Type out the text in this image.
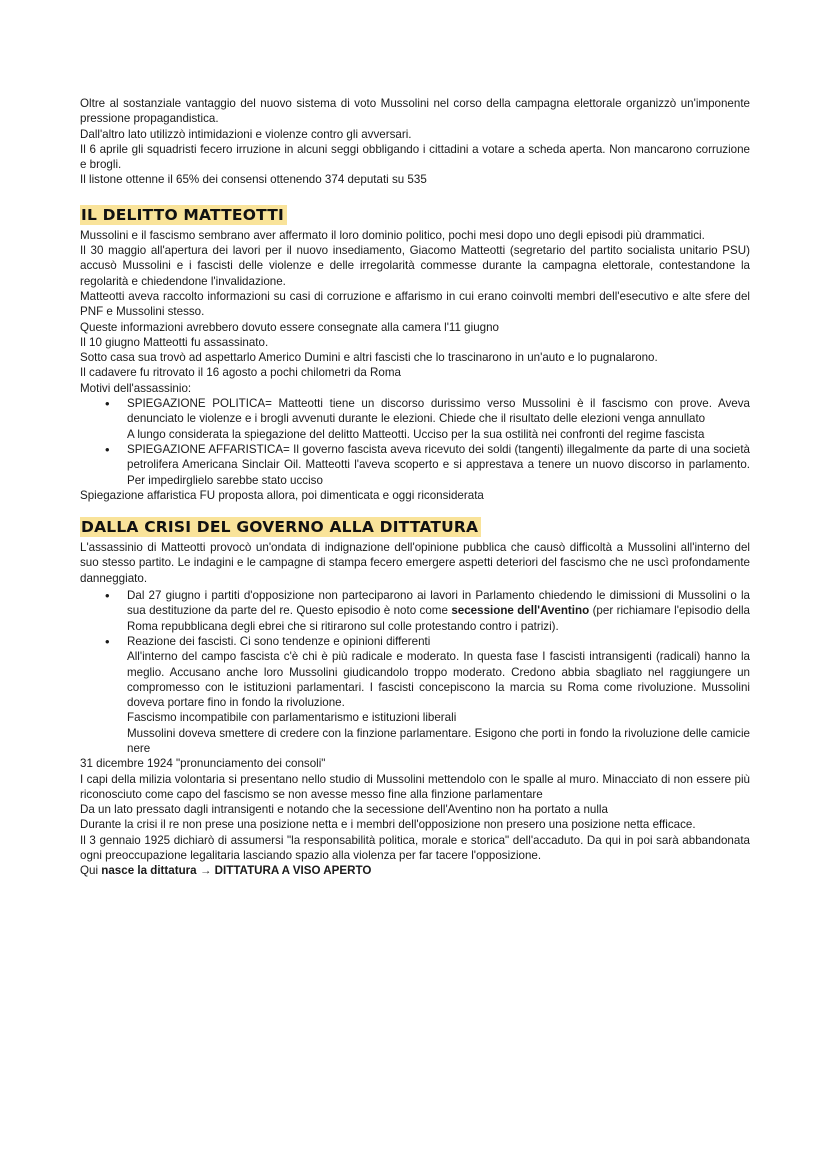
Oltre al sostanziale vantaggio del nuovo sistema di voto Mussolini nel corso della campagna elettorale organizzò un'imponente pressione propagandistica.

Dall'altro lato utilizzò intimidazioni e violenze contro gli avversari.

Il 6 aprile gli squadristi fecero irruzione in alcuni seggi obbligando i cittadini a votare a scheda aperta. Non mancarono corruzione e brogli.

Il listone ottenne il 65% dei consensi ottenendo 374 deputati su 535

IL DELITTO MATTEOTTI

Mussolini e il fascismo sembrano aver affermato il loro dominio politico, pochi mesi dopo uno degli episodi più drammatici.

Il 30 maggio all'apertura dei lavori per il nuovo insediamento, Giacomo Matteotti (segretario del partito socialista unitario PSU) accusò Mussolini e i fascisti delle violenze e delle irregolarità commesse durante la campagna elettorale, contestandone la regolarità e chiedendone l'invalidazione.

Matteotti aveva raccolto informazioni su casi di corruzione e affarismo in cui erano coinvolti membri dell'esecutivo e alte sfere del PNF e Mussolini stesso.

Queste informazioni avrebbero dovuto essere consegnate alla camera l'11 giugno

Il 10 giugno Matteotti fu assassinato.

Sotto casa sua trovò ad aspettarlo Americo Dumini e altri fascisti che lo trascinarono in un'auto e lo pugnalarono.

Il cadavere fu ritrovato il 16 agosto a pochi chilometri da Roma

Motivi dell'assassinio:

• SPIEGAZIONE POLITICA= Matteotti tiene un discorso durissimo verso Mussolini è il fascismo con prove. Aveva denunciato le violenze e i brogli avvenuti durante le elezioni. Chiede che il risultato delle elezioni venga annullato
A lungo considerata la spiegazione del delitto Matteotti. Ucciso per la sua ostilità nei confronti del regime fascista
• SPIEGAZIONE AFFARISTICA= Il governo fascista aveva ricevuto dei soldi (tangenti) illegalmente da parte di una società petrolifera Americana Sinclair Oil. Matteotti l'aveva scoperto e si apprestava a tenere un nuovo discorso in parlamento. Per impedirglielo sarebbe stato ucciso

Spiegazione affaristica FU proposta allora, poi dimenticata e oggi riconsiderata

DALLA CRISI DEL GOVERNO ALLA DITTATURA

L'assassinio di Matteotti provocò un'ondata di indignazione dell'opinione pubblica che causò difficoltà a Mussolini all'interno del suo stesso partito. Le indagini e le campagne di stampa fecero emergere aspetti deteriori del fascismo che ne uscì profondamente danneggiato.

• Dal 27 giugno i partiti d'opposizione non parteciparono ai lavori in Parlamento chiedendo le dimissioni di Mussolini o la sua destituzione da parte del re. Questo episodio è noto come secessione dell'Aventino (per richiamare l'episodio della Roma repubblicana degli ebrei che si ritirarono sul colle protestando contro i patrizi).
• Reazione dei fascisti. Ci sono tendenze e opinioni differenti

All'interno del campo fascista c'è chi è più radicale e moderato. In questa fase I fascisti intransigenti (radicali) hanno la meglio. Accusano anche loro Mussolini giudicandolo troppo moderato. Credono abbia sbagliato nel raggiungere un compromesso con le istituzioni parlamentari. I fascisti concepiscono la marcia su Roma come rivoluzione. Mussolini doveva portare fino in fondo la rivoluzione.

Fascismo incompatibile con parlamentarismo e istituzioni liberali

Mussolini doveva smettere di credere con la finzione parlamentare. Esigono che porti in fondo la rivoluzione delle camicie nere

31 dicembre 1924 "pronunciamento dei consoli"

I capi della milizia volontaria si presentano nello studio di Mussolini mettendolo con le spalle al muro. Minacciato di non essere più riconosciuto come capo del fascismo se non avesse messo fine alla finzione parlamentare

Da un lato pressato dagli intransigenti e notando che la secessione dell'Aventino non ha portato a nulla

Durante la crisi il re non prese una posizione netta e i membri dell'opposizione non presero una posizione netta efficace.

Il 3 gennaio 1925 dichiarò di assumersi "la responsabilità politica, morale e storica" dell'accaduto. Da qui in poi sarà abbandonata ogni preoccupazione legalitaria lasciando spazio alla violenza per far tacere l'opposizione.

Qui nasce la dittatura → DITTATURA A VISO APERTO
